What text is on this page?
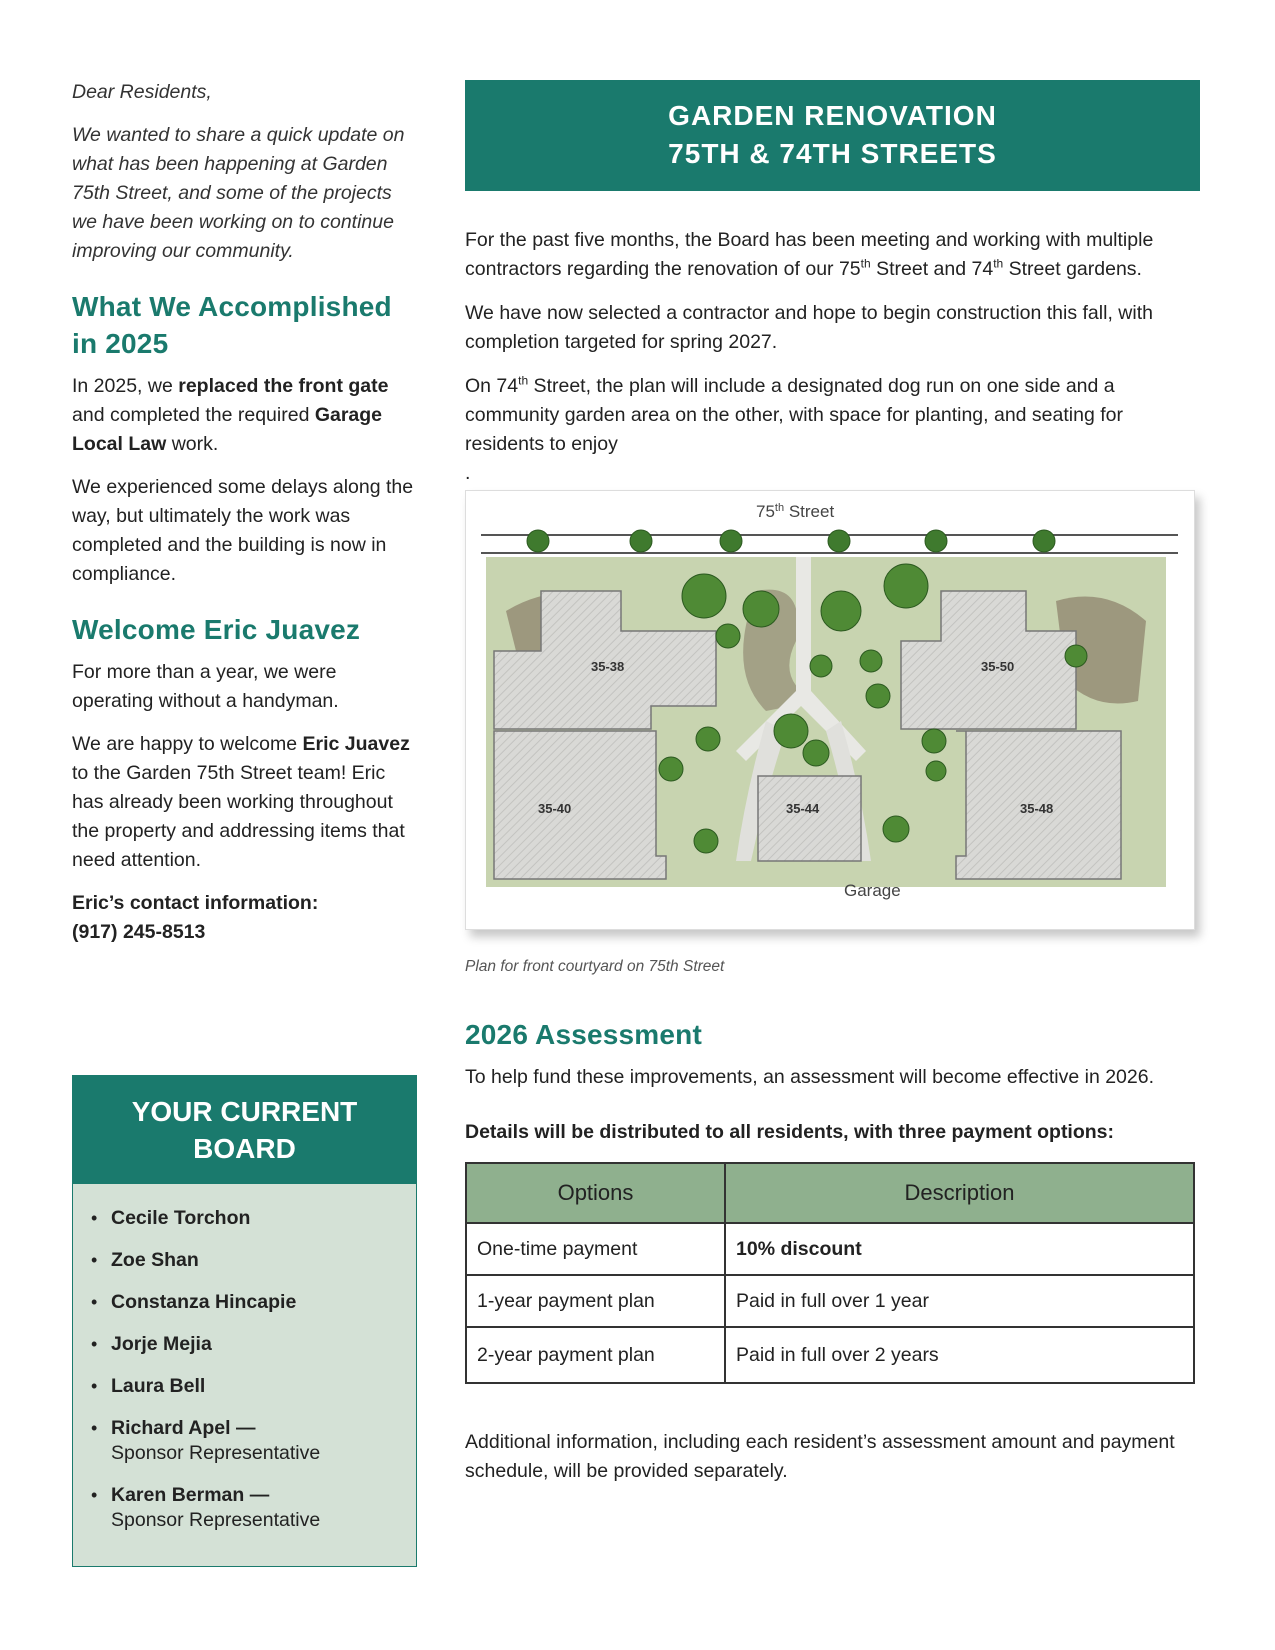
Dear Residents,

We wanted to share a quick update on what has been happening at Garden 75th Street, and some of the projects we have been working on to continue improving our community.

What We Accomplished in 2025

In 2025, we replaced the front gate and completed the required Garage Local Law work.

We experienced some delays along the way, but ultimately the work was completed and the building is now in compliance.

Welcome Eric Juavez

For more than a year, we were operating without a handyman.

We are happy to welcome Eric Juavez to the Garden 75th Street team! Eric has already been working throughout the property and addressing items that need attention.

Eric’s contact information:

(917) 245-8513

YOUR CURRENT BOARD
• Cecile Torchon
• Zoe Shan
• Constanza Hincapie
• Jorje Mejia
• Laura Bell
• Richard Apel —
Sponsor Representative
• Karen Berman —
Sponsor Representative
GARDEN RENOVATION
75TH & 74TH STREETS

For the past five months, the Board has been meeting and working with multiple contractors regarding the renovation of our 75th Street and 74th Street gardens.

We have now selected a contractor and hope to begin construction this fall, with completion targeted for spring 2027.

On 74th Street, the plan will include a designated dog run on one side and a community garden area on the other, with space for planting, and seating for residents to enjoy
.

75th Street
Garage
35-38	35-50
35-40	35-44	35-48

Plan for front courtyard on 75th Street

2026 Assessment

To help fund these improvements, an assessment will become effective in 2026.

Details will be distributed to all residents, with three payment options:

Options	Description
One-time payment	10% discount
1-year payment plan	Paid in full over 1 year
2-year payment plan	Paid in full over 2 years

Additional information, including each resident’s assessment amount and payment schedule, will be provided separately.
